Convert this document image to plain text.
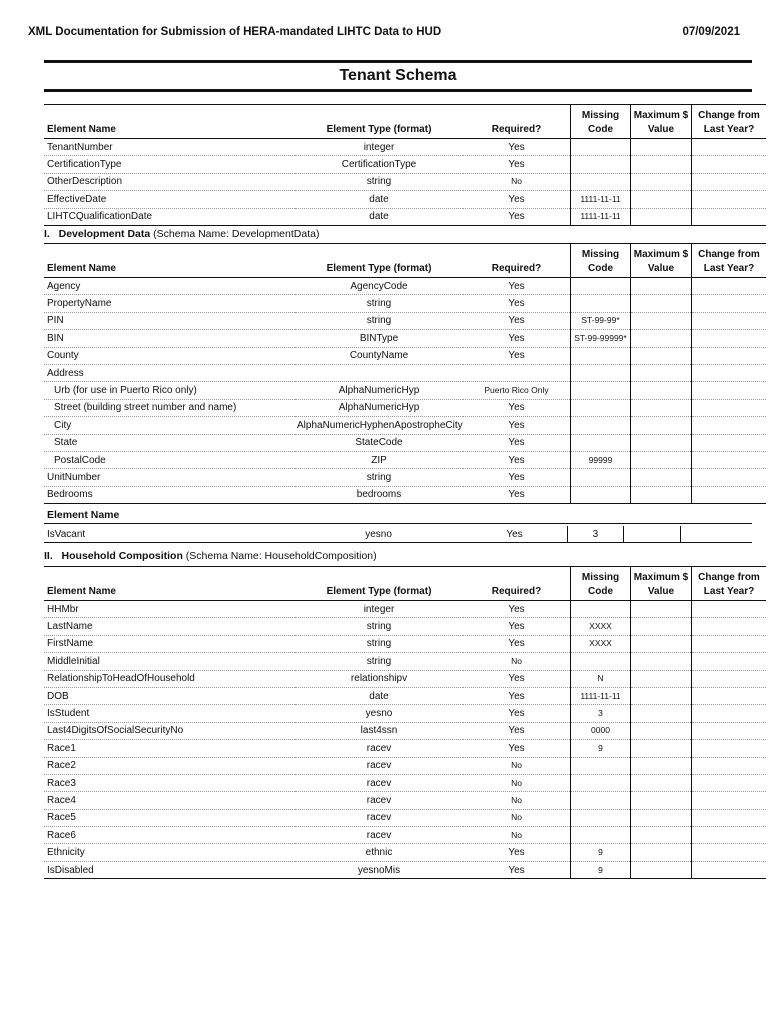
XML Documentation for Submission of HERA-mandated LIHTC Data to HUD	07/09/2021
Tenant Schema
Element Name	Element Type (format)	Required?	Missing Code	Maximum $ Value	Change from Last Year?
TenantNumber	integer	Yes			
CertificationType	CertificationType	Yes			
OtherDescription	string	No			
EffectiveDate	date	Yes	1111-11-11		
LIHTCQualificationDate	date	Yes	1111-11-11		
I. Development Data (Schema Name: DevelopmentData)
Element Name	Element Type (format)	Required?	Missing Code	Maximum $ Value	Change from Last Year?
Agency	AgencyCode	Yes			
PropertyName	string	Yes			
PIN	string	Yes	ST-99-99*		
BIN	BINType	Yes	ST-99-99999*		
County	CountyName	Yes			
Address					
Urb (for use in Puerto Rico only)	AlphaNumericHyp	Puerto Rico Only			
Street (building street number and name)	AlphaNumericHyp	Yes			
City	AlphaNumericHyphenApostropheCity	Yes			
State	StateCode	Yes			
PostalCode	ZIP	Yes	99999		
UnitNumber	string	Yes			
Bedrooms	bedrooms	Yes			
Element Name
IsVacant	yesno	Yes	3		
II. Household Composition (Schema Name: HouseholdComposition)
Element Name	Element Type (format)	Required?	Missing Code	Maximum $ Value	Change from Last Year?
HHMbr	integer	Yes			
LastName	string	Yes	XXXX		
FirstName	string	Yes	XXXX		
MiddleInitial	string	No			
RelationshipToHeadOfHousehold	relationshipv	Yes	N		
DOB	date	Yes	1111-11-11		
IsStudent	yesno	Yes	3		
Last4DigitsOfSocialSecurityNo	last4ssn	Yes	0000		
Race1	racev	Yes	9		
Race2	racev	No			
Race3	racev	No			
Race4	racev	No			
Race5	racev	No			
Race6	racev	No			
Ethnicity	ethnic	Yes	9		
IsDisabled	yesnoMis	Yes	9		
